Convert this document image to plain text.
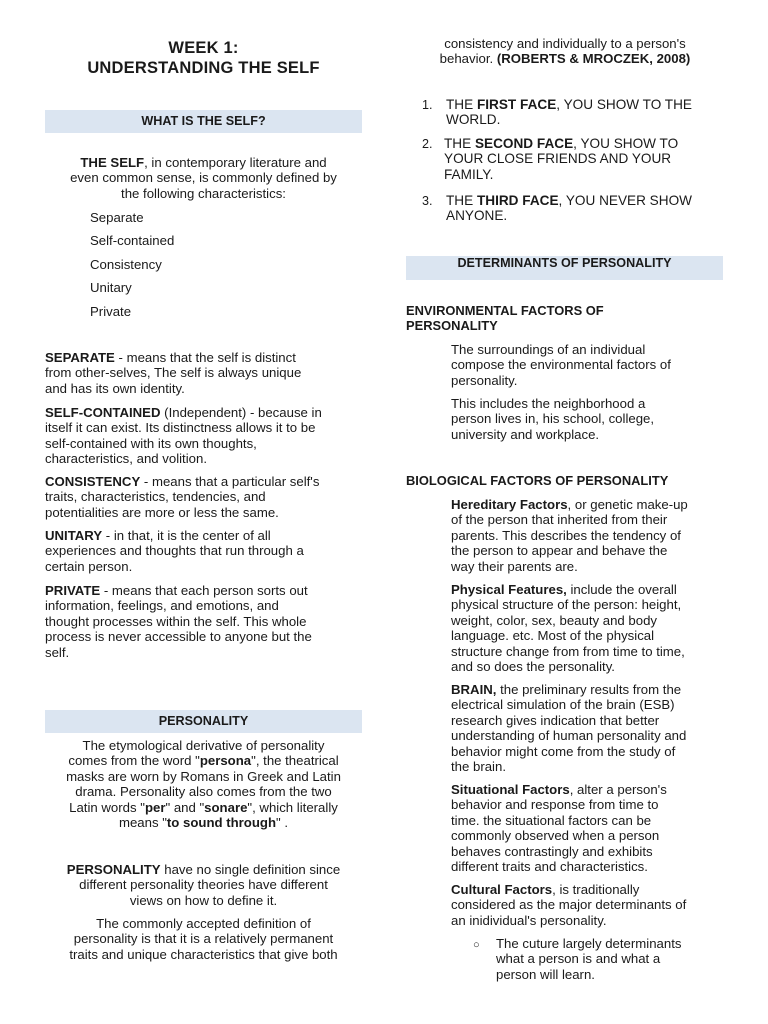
WEEK 1:
UNDERSTANDING THE SELF
WHAT IS THE SELF?
THE SELF, in contemporary literature and
even common sense, is commonly defined by
the following characteristics:
Separate
Self-contained
Consistency
Unitary
Private
SEPARATE - means that the self is distinct
from other-selves, The self is always unique
and has its own identity.
SELF-CONTAINED (Independent) - because in
itself it can exist. Its distinctness allows it to be
self-contained with its own thoughts,
characteristics, and volition.
CONSISTENCY - means that a particular self's
traits, characteristics, tendencies, and
potentialities are more or less the same.
UNITARY - in that, it is the center of all
experiences and thoughts that run through a
certain person.
PRIVATE - means that each person sorts out
information, feelings, and emotions, and
thought processes within the self. This whole
process is never accessible to anyone but the
self.
PERSONALITY
The etymological derivative of personality
comes from the word "persona", the theatrical
masks are worn by Romans in Greek and Latin
drama. Personality also comes from the two
Latin words "per" and "sonare", which literally
means "to sound through" .
PERSONALITY have no single definition since
different personality theories have different
views on how to define it.
The commonly accepted definition of
personality is that it is a relatively permanent
traits and unique characteristics that give both
consistency and individually to a person's
behavior. (ROBERTS & MROCZEK, 2008)
1. THE FIRST FACE, YOU SHOW TO THE
WORLD.
2. THE SECOND FACE, YOU SHOW TO
YOUR CLOSE FRIENDS AND YOUR
FAMILY.
3. THE THIRD FACE, YOU NEVER SHOW
ANYONE.
DETERMINANTS OF PERSONALITY
ENVIRONMENTAL FACTORS OF
PERSONALITY
The surroundings of an individual
compose the environmental factors of
personality.
This includes the neighborhood a
person lives in, his school, college,
university and workplace.
BIOLOGICAL FACTORS OF PERSONALITY
Hereditary Factors, or genetic make-up
of the person that inherited from their
parents. This describes the tendency of
the person to appear and behave the
way their parents are.
Physical Features, include the overall
physical structure of the person: height,
weight, color, sex, beauty and body
language. etc. Most of the physical
structure change from from time to time,
and so does the personality.
BRAIN, the preliminary results from the
electrical simulation of the brain (ESB)
research gives indication that better
understanding of human personality and
behavior might come from the study of
the brain.
Situational Factors, alter a person's
behavior and response from time to
time. the situational factors can be
commonly observed when a person
behaves contrastingly and exhibits
different traits and characteristics.
Cultural Factors, is traditionally
considered as the major determinants of
an inidividual's personality.
○ The cuture largely determinants
what a person is and what a
person will learn.
